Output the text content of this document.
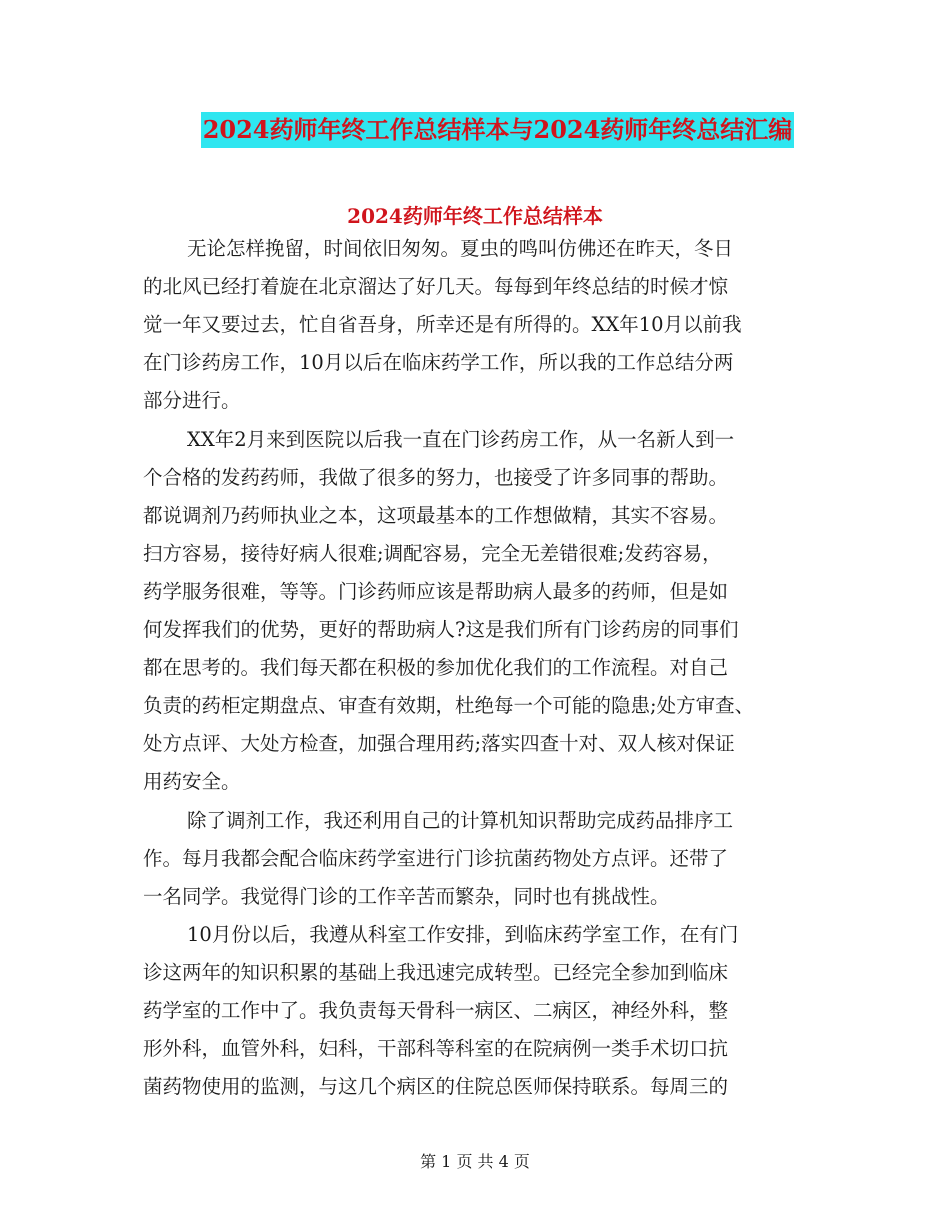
2024药师年终工作总结样本与2024药师年终总结汇编
2024药师年终工作总结样本
无论怎样挽留，时间依旧匆匆。夏虫的鸣叫仿佛还在昨天，冬日
的北风已经打着旋在北京溜达了好几天。每每到年终总结的时候才惊
觉一年又要过去，忙自省吾身，所幸还是有所得的。XX年10月以前我
在门诊药房工作，10月以后在临床药学工作，所以我的工作总结分两
部分进行。
XX年2月来到医院以后我一直在门诊药房工作，从一名新人到一
个合格的发药药师，我做了很多的努力，也接受了许多同事的帮助。
都说调剂乃药师执业之本，这项最基本的工作想做精，其实不容易。
扫方容易，接待好病人很难;调配容易，完全无差错很难;发药容易，
药学服务很难，等等。门诊药师应该是帮助病人最多的药师，但是如
何发挥我们的优势，更好的帮助病人?这是我们所有门诊药房的同事们
都在思考的。我们每天都在积极的参加优化我们的工作流程。对自己
负责的药柜定期盘点、审查有效期，杜绝每一个可能的隐患;处方审查、
处方点评、大处方检查，加强合理用药;落实四查十对、双人核对保证
用药安全。
除了调剂工作，我还利用自己的计算机知识帮助完成药品排序工
作。每月我都会配合临床药学室进行门诊抗菌药物处方点评。还带了
一名同学。我觉得门诊的工作辛苦而繁杂，同时也有挑战性。
10月份以后，我遵从科室工作安排，到临床药学室工作，在有门
诊这两年的知识积累的基础上我迅速完成转型。已经完全参加到临床
药学室的工作中了。我负责每天骨科一病区、二病区，神经外科，整
形外科，血管外科，妇科，干部科等科室的在院病例一类手术切口抗
菌药物使用的监测，与这几个病区的住院总医师保持联系。每周三的
第 1 页 共 4 页
